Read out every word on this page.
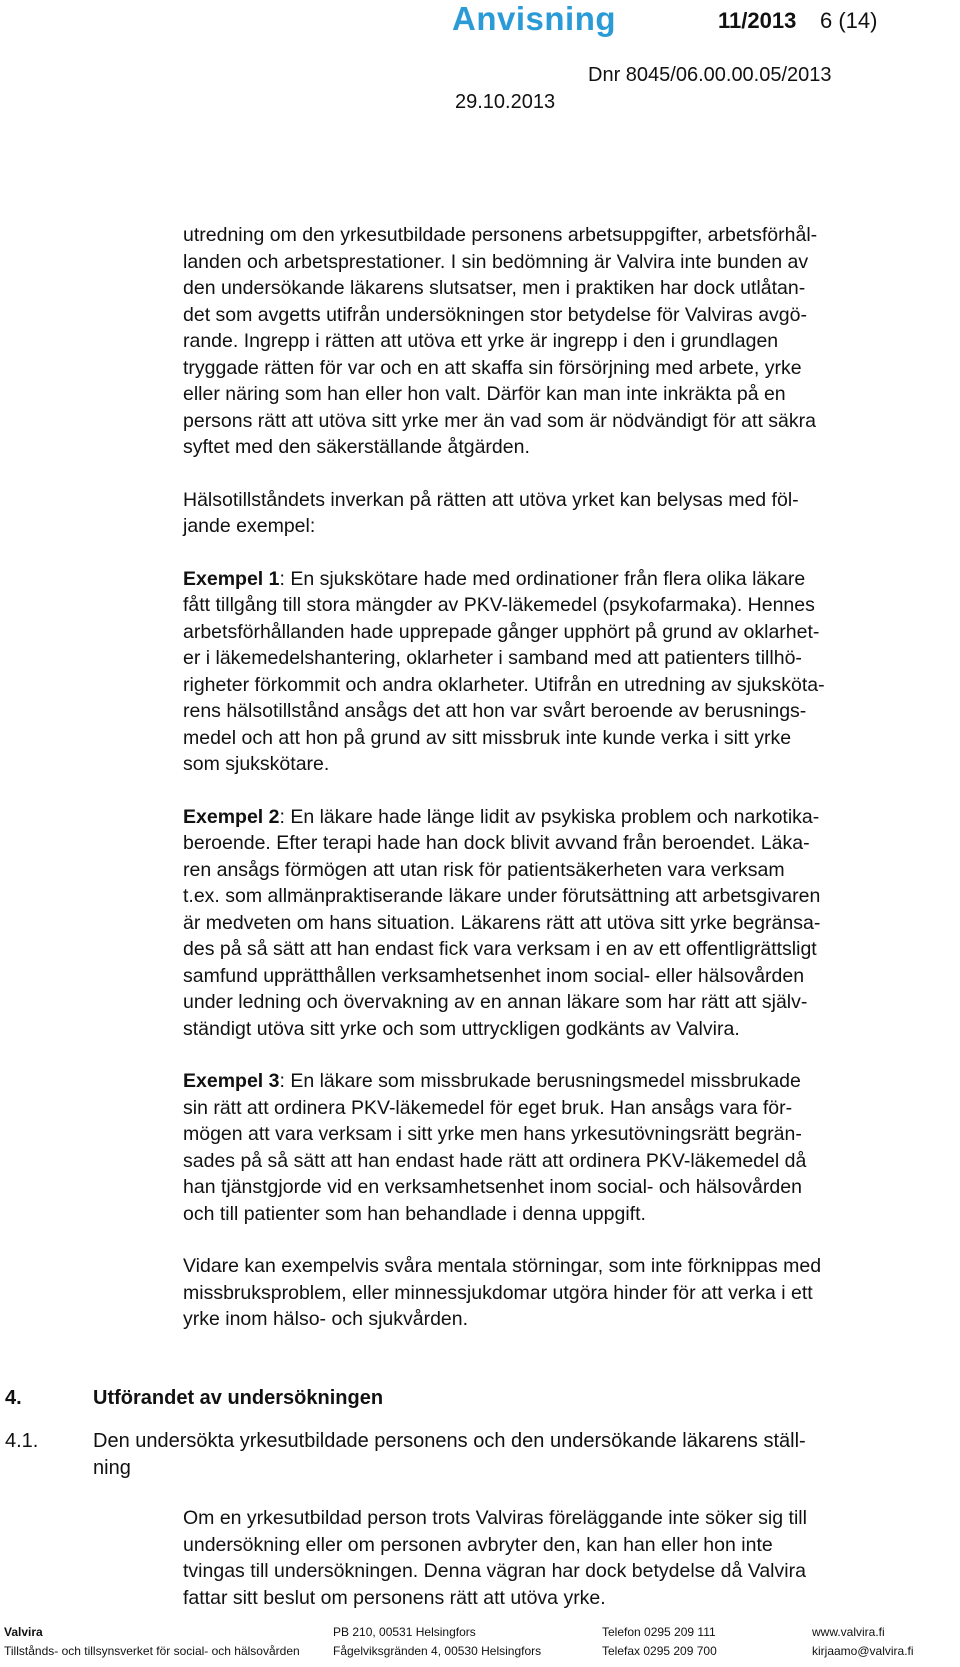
Anvisning	11/2013 6 (14)
Dnr 8045/06.00.00.05/2013
29.10.2013

utredning om den yrkesutbildade personens arbetsuppgifter, arbetsförhål-
landen och arbetsprestationer. I sin bedömning är Valvira inte bunden av
den undersökande läkarens slutsatser, men i praktiken har dock utlåtan-
det som avgetts utifrån undersökningen stor betydelse för Valviras avgö-
rande. Ingrepp i rätten att utöva ett yrke är ingrepp i den i grundlagen
tryggade rätten för var och en att skaffa sin försörjning med arbete, yrke
eller näring som han eller hon valt. Därför kan man inte inkräkta på en
persons rätt att utöva sitt yrke mer än vad som är nödvändigt för att säkra
syftet med den säkerställande åtgärden.

Hälsotillståndets inverkan på rätten att utöva yrket kan belysas med föl-
jande exempel:

Exempel 1: En sjukskötare hade med ordinationer från flera olika läkare
fått tillgång till stora mängder av PKV-läkemedel (psykofarmaka). Hennes
arbetsförhållanden hade upprepade gånger upphört på grund av oklarhet-
er i läkemedelshantering, oklarheter i samband med att patienters tillhö-
righeter förkommit och andra oklarheter. Utifrån en utredning av sjukskötа-
rens hälsotillstånd ansågs det att hon var svårt beroende av berusnings-
medel och att hon på grund av sitt missbruk inte kunde verka i sitt yrke
som sjukskötare.

Exempel 2: En läkare hade länge lidit av psykiska problem och narkotika-
beroende. Efter terapi hade han dock blivit avvand från beroendet. Läka-
ren ansågs förmögen att utan risk för patientsäkerheten vara verksam
t.ex. som allmänpraktiserande läkare under förutsättning att arbetsgivaren
är medveten om hans situation. Läkarens rätt att utöva sitt yrke begränsa-
des på så sätt att han endast fick vara verksam i en av ett offentligrättsligt
samfund upprätthållen verksamhetsenhet inom social- eller hälsovården
under ledning och övervakning av en annan läkare som har rätt att själv-
ständigt utöva sitt yrke och som uttryckligen godkänts av Valvira.

Exempel 3: En läkare som missbrukade berusningsmedel missbrukade
sin rätt att ordinera PKV-läkemedel för eget bruk. Han ansågs vara för-
mögen att vara verksam i sitt yrke men hans yrkesutövningsrätt begrän-
sades på så sätt att han endast hade rätt att ordinera PKV-läkemedel då
han tjänstgjorde vid en verksamhetsenhet inom social- och hälsovården
och till patienter som han behandlade i denna uppgift.

Vidare kan exempelvis svåra mentala störningar, som inte förknippas med
missbruksproblem, eller minnessjukdomar utgöra hinder för att verka i ett
yrke inom hälso- och sjukvården.

4.	Utförandet av undersökningen
4.1.	Den undersökta yrkesutbildade personens och den undersökande läkarens ställ-
ning
Om en yrkesutbildad person trots Valviras föreläggande inte söker sig till
undersökning eller om personen avbryter den, kan han eller hon inte
tvingas till undersökningen. Denna vägran har dock betydelse då Valvira
fattar sitt beslut om personens rätt att utöva yrke.
Valvira
Tillstånds- och tillsynsverket för social- och hälsovården
PB 210, 00531 Helsingfors
Fågelviksgränden 4, 00530 Helsingfors
Telefon 0295 209 111
Telefax 0295 209 700
www.valvira.fi
kirjaamo@valvira.fi
